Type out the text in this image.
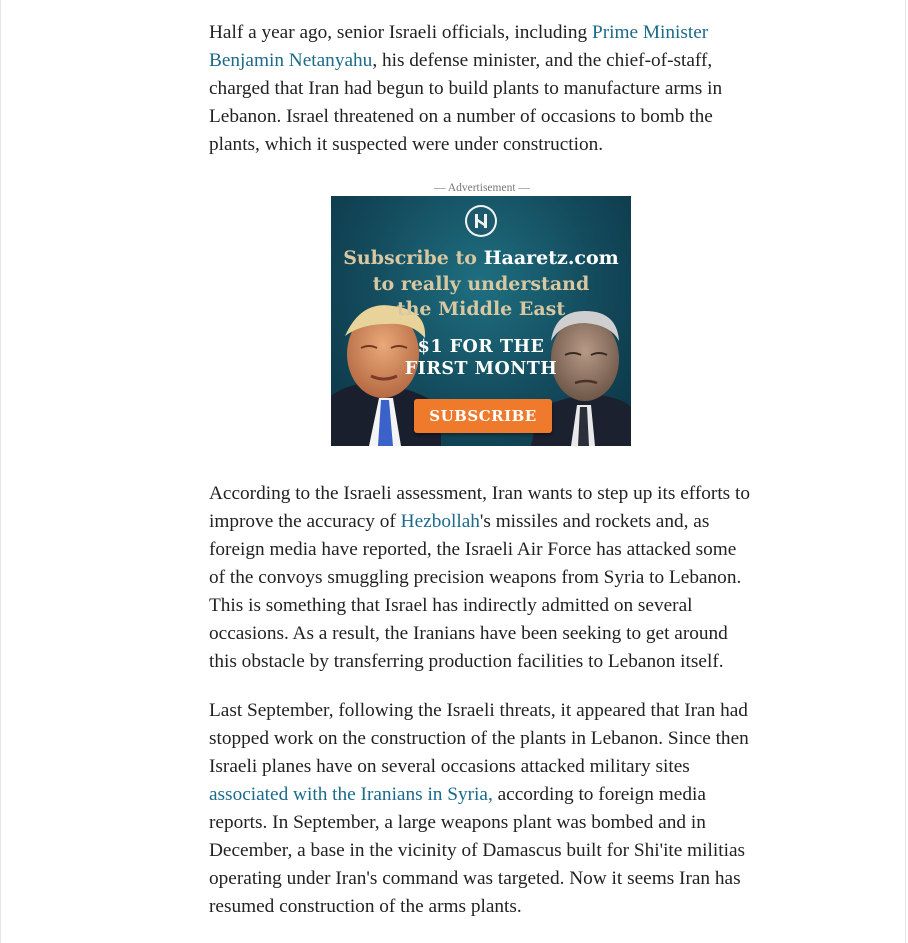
Half a year ago, senior Israeli officials, including Prime Minister Benjamin Netanyahu, his defense minister, and the chief-of-staff, charged that Iran had begun to build plants to manufacture arms in Lebanon. Israel threatened on a number of occasions to bomb the plants, which it suspected were under construction.

— Advertisement —
Subscribe to Haaretz.com
to really understand
the Middle East
$1 FOR THE
FIRST MONTH
SUBSCRIBE

According to the Israeli assessment, Iran wants to step up its efforts to improve the accuracy of Hezbollah's missiles and rockets and, as foreign media have reported, the Israeli Air Force has attacked some of the convoys smuggling precision weapons from Syria to Lebanon. This is something that Israel has indirectly admitted on several occasions. As a result, the Iranians have been seeking to get around this obstacle by transferring production facilities to Lebanon itself.

Last September, following the Israeli threats, it appeared that Iran had stopped work on the construction of the plants in Lebanon. Since then Israeli planes have on several occasions attacked military sites associated with the Iranians in Syria, according to foreign media reports. In September, a large weapons plant was bombed and in December, a base in the vicinity of Damascus built for Shi'ite militias operating under Iran's command was targeted. Now it seems Iran has resumed construction of the arms plants.
